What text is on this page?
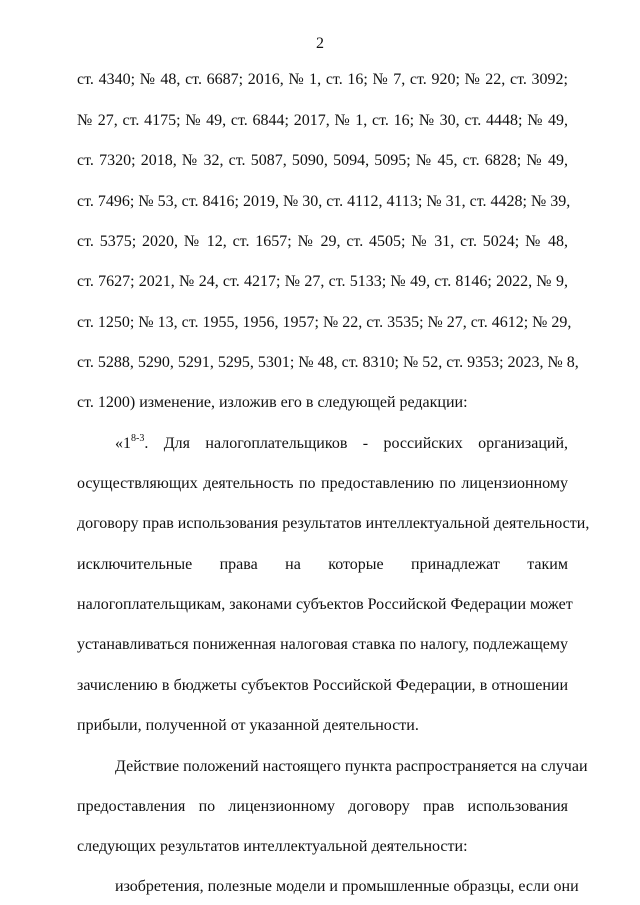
2
ст. 4340; № 48, ст. 6687; 2016, № 1, ст. 16; № 7, ст. 920; № 22, ст. 3092;
№ 27, ст. 4175; № 49, ст. 6844; 2017, № 1, ст. 16; № 30, ст. 4448; № 49,
ст. 7320; 2018, № 32, ст. 5087, 5090, 5094, 5095; № 45, ст. 6828; № 49,
ст. 7496; № 53, ст. 8416; 2019, № 30, ст. 4112, 4113; № 31, ст. 4428; № 39,
ст. 5375; 2020, № 12, ст. 1657; № 29, ст. 4505; № 31, ст. 5024; № 48,
ст. 7627; 2021, № 24, ст. 4217; № 27, ст. 5133; № 49, ст. 8146; 2022, № 9,
ст. 1250; № 13, ст. 1955, 1956, 1957; № 22, ст. 3535; № 27, ст. 4612; № 29,
ст. 5288, 5290, 5291, 5295, 5301; № 48, ст. 8310; № 52, ст. 9353; 2023, № 8,
ст. 1200) изменение, изложив его в следующей редакции:
«1$^{8-3}$. Для налогоплательщиков - российских организаций,
осуществляющих деятельность по предоставлению по лицензионному
договору прав использования результатов интеллектуальной деятельности,
исключительные права на которые принадлежат таким
налогоплательщикам, законами субъектов Российской Федерации может
устанавливаться пониженная налоговая ставка по налогу, подлежащему
зачислению в бюджеты субъектов Российской Федерации, в отношении
прибыли, полученной от указанной деятельности.
Действие положений настоящего пункта распространяется на случаи
предоставления по лицензионному договору прав использования
следующих результатов интеллектуальной деятельности:
изобретения, полезные модели и промышленные образцы, если они
